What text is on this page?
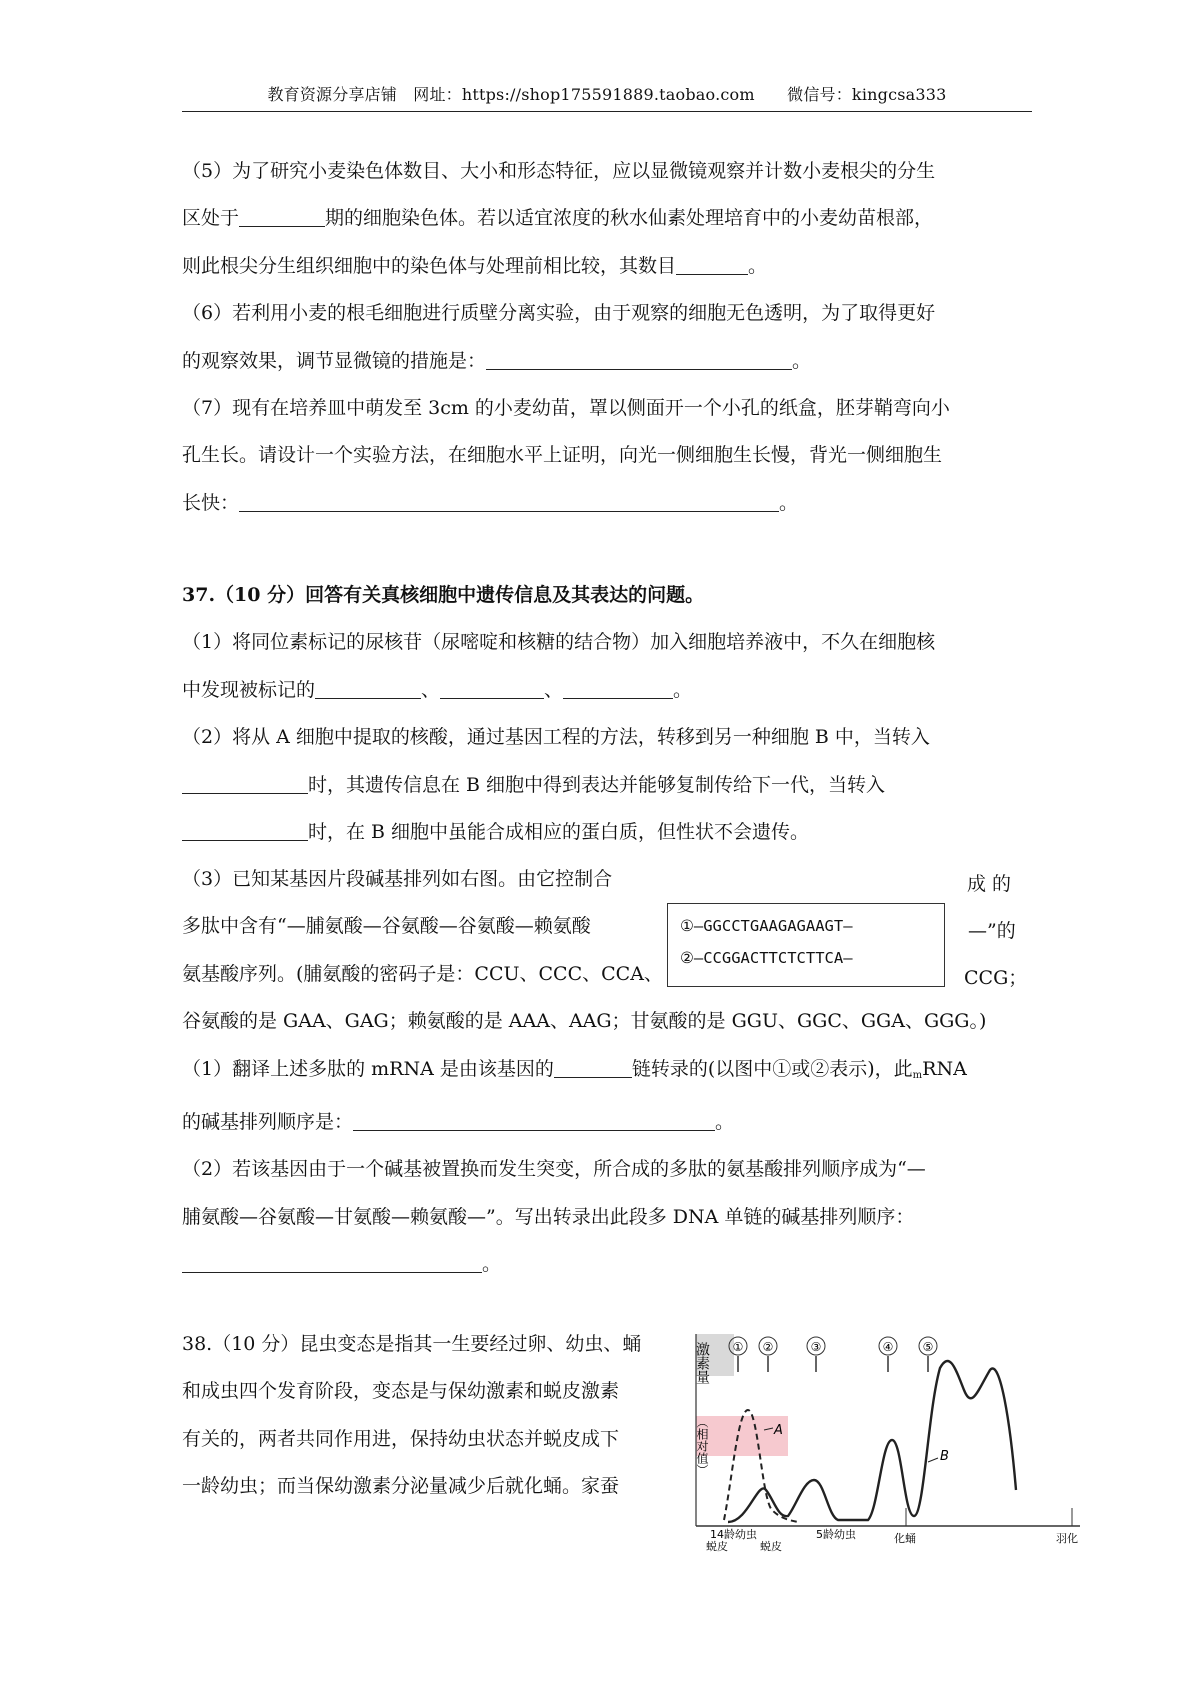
教育资源分享店铺　网址：https://shop175591889.taobao.com　　微信号：kingcsa333
（5）为了研究小麦染色体数目、大小和形态特征，应以显微镜观察并计数小麦根尖的分生
区处于	期的细胞染色体。若以适宜浓度的秋水仙素处理培育中的小麦幼苗根部，
则此根尖分生组织细胞中的染色体与处理前相比较，其数目	。
（6）若利用小麦的根毛细胞进行质壁分离实验，由于观察的细胞无色透明，为了取得更好
的观察效果，调节显微镜的措施是：	。
（7）现有在培养皿中萌发至 3cm 的小麦幼苗，罩以侧面开一个小孔的纸盒，胚芽鞘弯向小
孔生长。请设计一个实验方法，在细胞水平上证明，向光一侧细胞生长慢，背光一侧细胞生
长快：	。
37.（10 分）回答有关真核细胞中遗传信息及其表达的问题。
（1）将同位素标记的尿核苷（尿嘧啶和核糖的结合物）加入细胞培养液中，不久在细胞核
中发现被标记的	、	、	。
（2）将从 A 细胞中提取的核酸，通过基因工程的方法，转移到另一种细胞 B 中，当转入
时，其遗传信息在 B 细胞中得到表达并能够复制传给下一代，当转入
时，在 B 细胞中虽能合成相应的蛋白质，但性状不会遗传。
（3）已知某基因片段碱基排列如右图。由它控制合
多肽中含有“—脯氨酸—谷氨酸—谷氨酸—赖氨酸
氨基酸序列。(脯氨酸的密码子是：CCU、CCC、CCA、
谷氨酸的是 GAA、GAG；赖氨酸的是 AAA、AAG；甘氨酸的是 GGU、GGC、GGA、GGG。)
（1）翻译上述多肽的 mRNA 是由该基因的	链转录的(以图中①或②表示)，此$_m$RNA
的碱基排列顺序是：	。
（2）若该基因由于一个碱基被置换而发生突变，所合成的多肽的氨基酸排列顺序成为“—
脯氨酸—谷氨酸—甘氨酸—赖氨酸—”。写出转录出此段多 DNA 单链的碱基排列顺序：
。
成 的
—”的
CCG；
①—GGCCTGAAGAGAAGT—
②—CCGGACTTCTCTTCA—
38.（10 分）昆虫变态是指其一生要经过卵、幼虫、蛹
和成虫四个发育阶段，变态是与保幼激素和蜕皮激素
有关的，两者共同作用进，保持幼虫状态并蜕皮成下
一龄幼虫；而当保幼激素分泌量减少后就化蛹。家蚕
激素量
（相对值）
① ②	③	④ ⑤
A
B
14龄幼虫
蜕皮	蜕皮
5龄幼虫	化蛹	羽化
